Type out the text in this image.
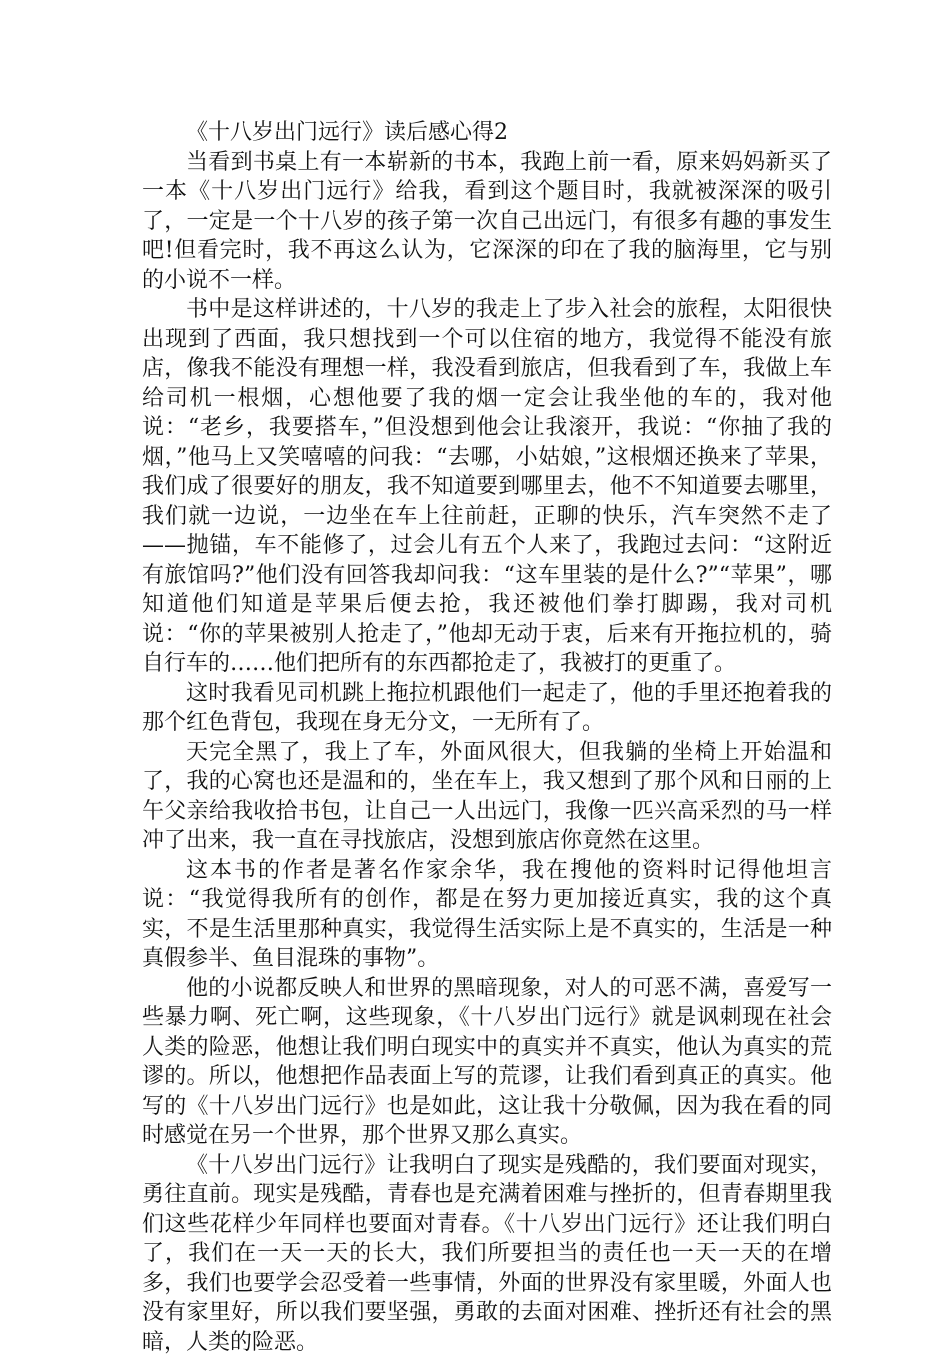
《十八岁出门远行》读后感心得2

当看到书桌上有一本崭新的书本，我跑上前一看，原来妈妈新买了一本《十八岁出门远行》给我，看到这个题目时，我就被深深的吸引了，一定是一个十八岁的孩子第一次自己出远门，有很多有趣的事发生吧!但看完时，我不再这么认为，它深深的印在了我的脑海里，它与别的小说不一样。

书中是这样讲述的，十八岁的我走上了步入社会的旅程，太阳很快出现到了西面，我只想找到一个可以住宿的地方，我觉得不能没有旅店，像我不能没有理想一样，我没看到旅店，但我看到了车，我做上车给司机一根烟，心想他要了我的烟一定会让我坐他的车的，我对他说：“老乡，我要搭车，”但没想到他会让我滚开，我说：“你抽了我的烟，”他马上又笑嘻嘻的问我：“去哪，小姑娘，”这根烟还换来了苹果，我们成了很要好的朋友，我不知道要到哪里去，他不不知道要去哪里，我们就一边说，一边坐在车上往前赶，正聊的快乐，汽车突然不走了——抛锚，车不能修了，过会儿有五个人来了，我跑过去问：“这附近有旅馆吗?”他们没有回答我却问我：“这车里装的是什么?”“苹果”，哪知道他们知道是苹果后便去抢，我还被他们拳打脚踢，我对司机说：“你的苹果被别人抢走了，”他却无动于衷，后来有开拖拉机的，骑自行车的……他们把所有的东西都抢走了，我被打的更重了。

这时我看见司机跳上拖拉机跟他们一起走了，他的手里还抱着我的那个红色背包，我现在身无分文，一无所有了。

天完全黑了，我上了车，外面风很大，但我躺的坐椅上开始温和了，我的心窝也还是温和的，坐在车上，我又想到了那个风和日丽的上午父亲给我收拾书包，让自己一人出远门，我像一匹兴高采烈的马一样冲了出来，我一直在寻找旅店，没想到旅店你竟然在这里。

这本书的作者是著名作家余华，我在搜他的资料时记得他坦言说：“我觉得我所有的创作，都是在努力更加接近真实，我的这个真实，不是生活里那种真实，我觉得生活实际上是不真实的，生活是一种真假参半、鱼目混珠的事物”。

他的小说都反映人和世界的黑暗现象，对人的可恶不满，喜爱写一些暴力啊、死亡啊，这些现象，《十八岁出门远行》就是讽刺现在社会人类的险恶，他想让我们明白现实中的真实并不真实，他认为真实的荒谬的。所以，他想把作品表面上写的荒谬，让我们看到真正的真实。他写的《十八岁出门远行》也是如此，这让我十分敬佩，因为我在看的同时感觉在另一个世界，那个世界又那么真实。

《十八岁出门远行》让我明白了现实是残酷的，我们要面对现实，勇往直前。现实是残酷，青春也是充满着困难与挫折的，但青春期里我们这些花样少年同样也要面对青春。《十八岁出门远行》还让我们明白了，我们在一天一天的长大，我们所要担当的责任也一天一天的在增多，我们也要学会忍受着一些事情，外面的世界没有家里暖，外面人也没有家里好，所以我们要坚强，勇敢的去面对困难、挫折还有社会的黑暗，人类的险恶。
